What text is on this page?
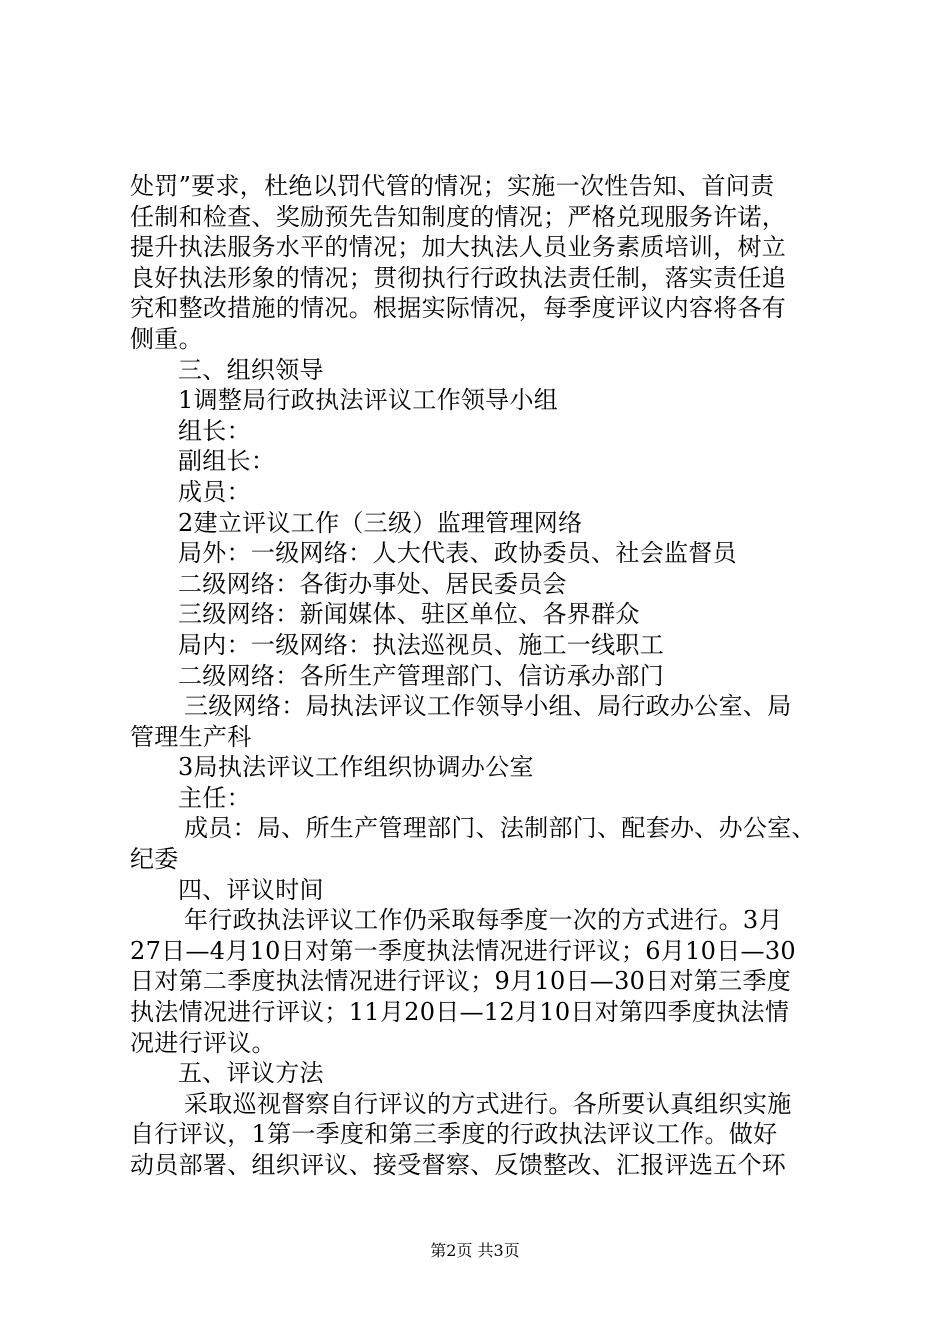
处罚”要求，杜绝以罚代管的情况；实施一次性告知、首问责
任制和检查、奖励预先告知制度的情况；严格兑现服务许诺，
提升执法服务水平的情况；加大执法人员业务素质培训，树立
良好执法形象的情况；贯彻执行行政执法责任制，落实责任追
究和整改措施的情况。根据实际情况，每季度评议内容将各有
侧重。
三、组织领导
1调整局行政执法评议工作领导小组
组长：
副组长：
成员：
2建立评议工作（三级）监理管理网络
局外：一级网络：人大代表、政协委员、社会监督员
二级网络：各街办事处、居民委员会
三级网络：新闻媒体、驻区单位、各界群众
局内：一级网络：执法巡视员、施工一线职工
二级网络：各所生产管理部门、信访承办部门
三级网络：局执法评议工作领导小组、局行政办公室、局
管理生产科
3局执法评议工作组织协调办公室
主任：
成员：局、所生产管理部门、法制部门、配套办、办公室、
纪委
四、评议时间
年行政执法评议工作仍采取每季度一次的方式进行。3月
27日—4月10日对第一季度执法情况进行评议；6月10日—30
日对第二季度执法情况进行评议；9月10日—30日对第三季度
执法情况进行评议；11月20日—12月10日对第四季度执法情
况进行评议。
五、评议方法
采取巡视督察自行评议的方式进行。各所要认真组织实施
自行评议，1第一季度和第三季度的行政执法评议工作。做好
动员部署、组织评议、接受督察、反馈整改、汇报评选五个环
第2页 共3页
